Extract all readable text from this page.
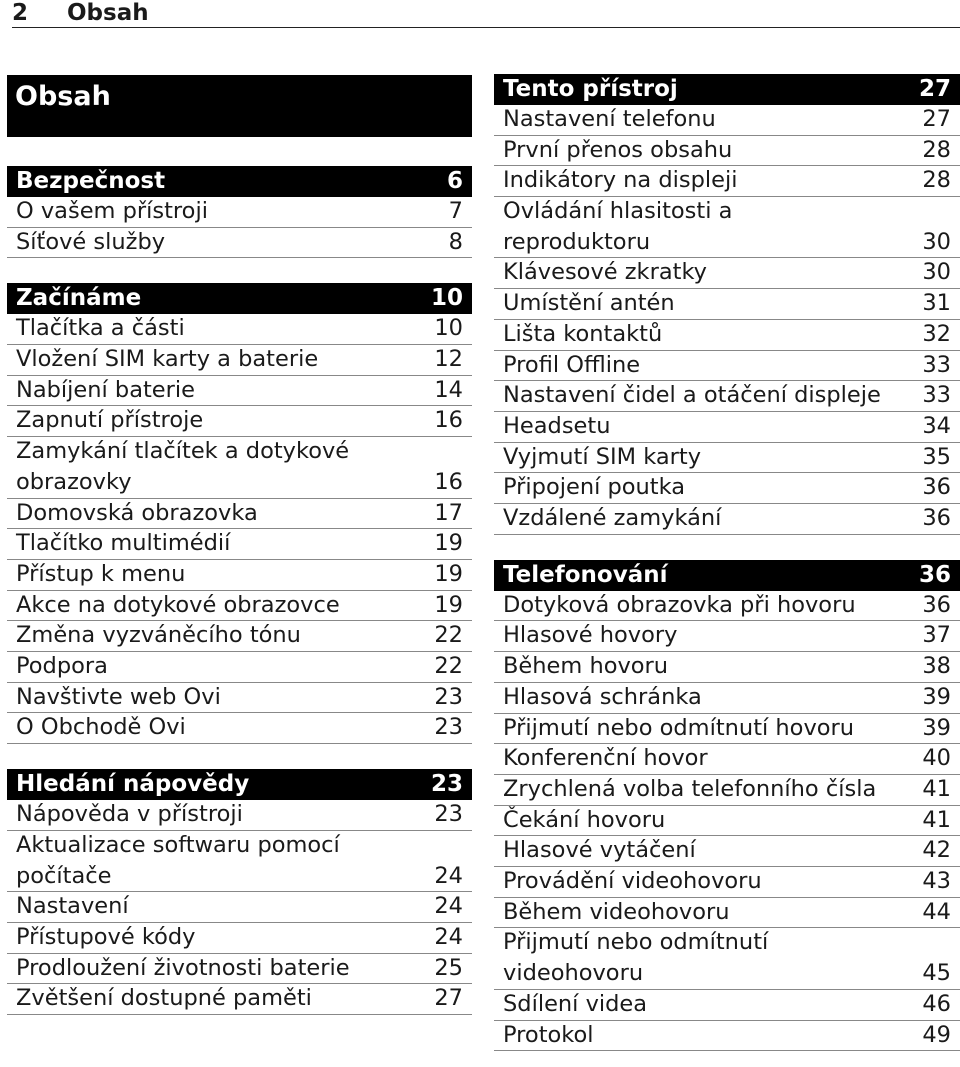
2 Obsah
Obsah
Bezpečnost	6
O vašem přístroji	7
Síťové služby	8
Začínáme	10
Tlačítka a části	10
Vložení SIM karty a baterie	12
Nabíjení baterie	14
Zapnutí přístroje	16
Zamykání tlačítek a dotykové
obrazovky	16
Domovská obrazovka	17
Tlačítko multimédií	19
Přístup k menu	19
Akce na dotykové obrazovce	19
Změna vyzváněcího tónu	22
Podpora	22
Navštivte web Ovi	23
O Obchodě Ovi	23
Hledání nápovědy	23
Nápověda v přístroji	23
Aktualizace softwaru pomocí
počítače	24
Nastavení	24
Přístupové kódy	24
Prodloužení životnosti baterie	25
Zvětšení dostupné paměti	27
Tento přístroj	27
Nastavení telefonu	27
První přenos obsahu	28
Indikátory na displeji	28
Ovládání hlasitosti a
reproduktoru	30
Klávesové zkratky	30
Umístění antén	31
Lišta kontaktů	32
Profil Offline	33
Nastavení čidel a otáčení displeje 33
Headsetu	34
Vyjmutí SIM karty	35
Připojení poutka	36
Vzdálené zamykání	36
Telefonování	36
Dotyková obrazovka při hovoru	36
Hlasové hovory	37
Během hovoru	38
Hlasová schránka	39
Přijmutí nebo odmítnutí hovoru	39
Konferenční hovor	40
Zrychlená volba telefonního čísla 41
Čekání hovoru	41
Hlasové vytáčení	42
Provádění videohovoru	43
Během videohovoru	44
Přijmutí nebo odmítnutí
videohovoru	45
Sdílení videa	46
Protokol	49
